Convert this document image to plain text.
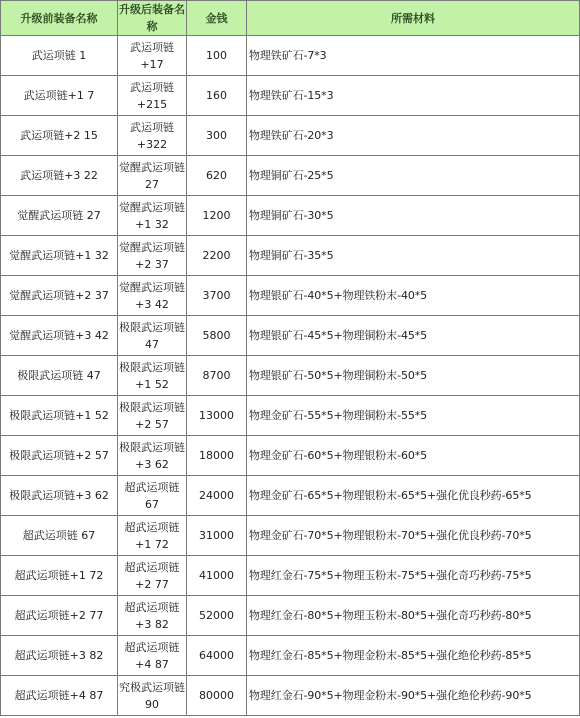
升级前装备名称	升级后装备名称	金钱	所需材料
武运项链 1	武运项链+17	100	物理铁矿石-7*3
武运项链+1 7	武运项链+215	160	物理铁矿石-15*3
武运项链+2 15	武运项链+322	300	物理铁矿石-20*3
武运项链+3 22	觉醒武运项链 27	620	物理铜矿石-25*5
觉醒武运项链 27	觉醒武运项链+1 32	1200	物理铜矿石-30*5
觉醒武运项链+1 32	觉醒武运项链+2 37	2200	物理铜矿石-35*5
觉醒武运项链+2 37	觉醒武运项链+3 42	3700	物理银矿石-40*5+物理铁粉末-40*5
觉醒武运项链+3 42	极限武运项链 47	5800	物理银矿石-45*5+物理铜粉末-45*5
极限武运项链 47	极限武运项链+1 52	8700	物理银矿石-50*5+物理铜粉末-50*5
极限武运项链+1 52	极限武运项链+2 57	13000	物理金矿石-55*5+物理铜粉末-55*5
极限武运项链+2 57	极限武运项链+3 62	18000	物理金矿石-60*5+物理银粉末-60*5
极限武运项链+3 62	超武运项链67	24000	物理金矿石-65*5+物理银粉末-65*5+强化优良秒药-65*5
超武运项链 67	超武运项链+1 72	31000	物理金矿石-70*5+物理银粉末-70*5+强化优良秒药-70*5
超武运项链+1 72	超武运项链+2 77	41000	物理红金石-75*5+物理玉粉末-75*5+强化奇巧秒药-75*5
超武运项链+2 77	超武运项链+3 82	52000	物理红金石-80*5+物理玉粉末-80*5+强化奇巧秒药-80*5
超武运项链+3 82	超武运项链+4 87	64000	物理红金石-85*5+物理金粉末-85*5+强化绝伦秒药-85*5
超武运项链+4 87	究极武运项链 90	80000	物理红金石-90*5+物理金粉末-90*5+强化绝伦秒药-90*5
